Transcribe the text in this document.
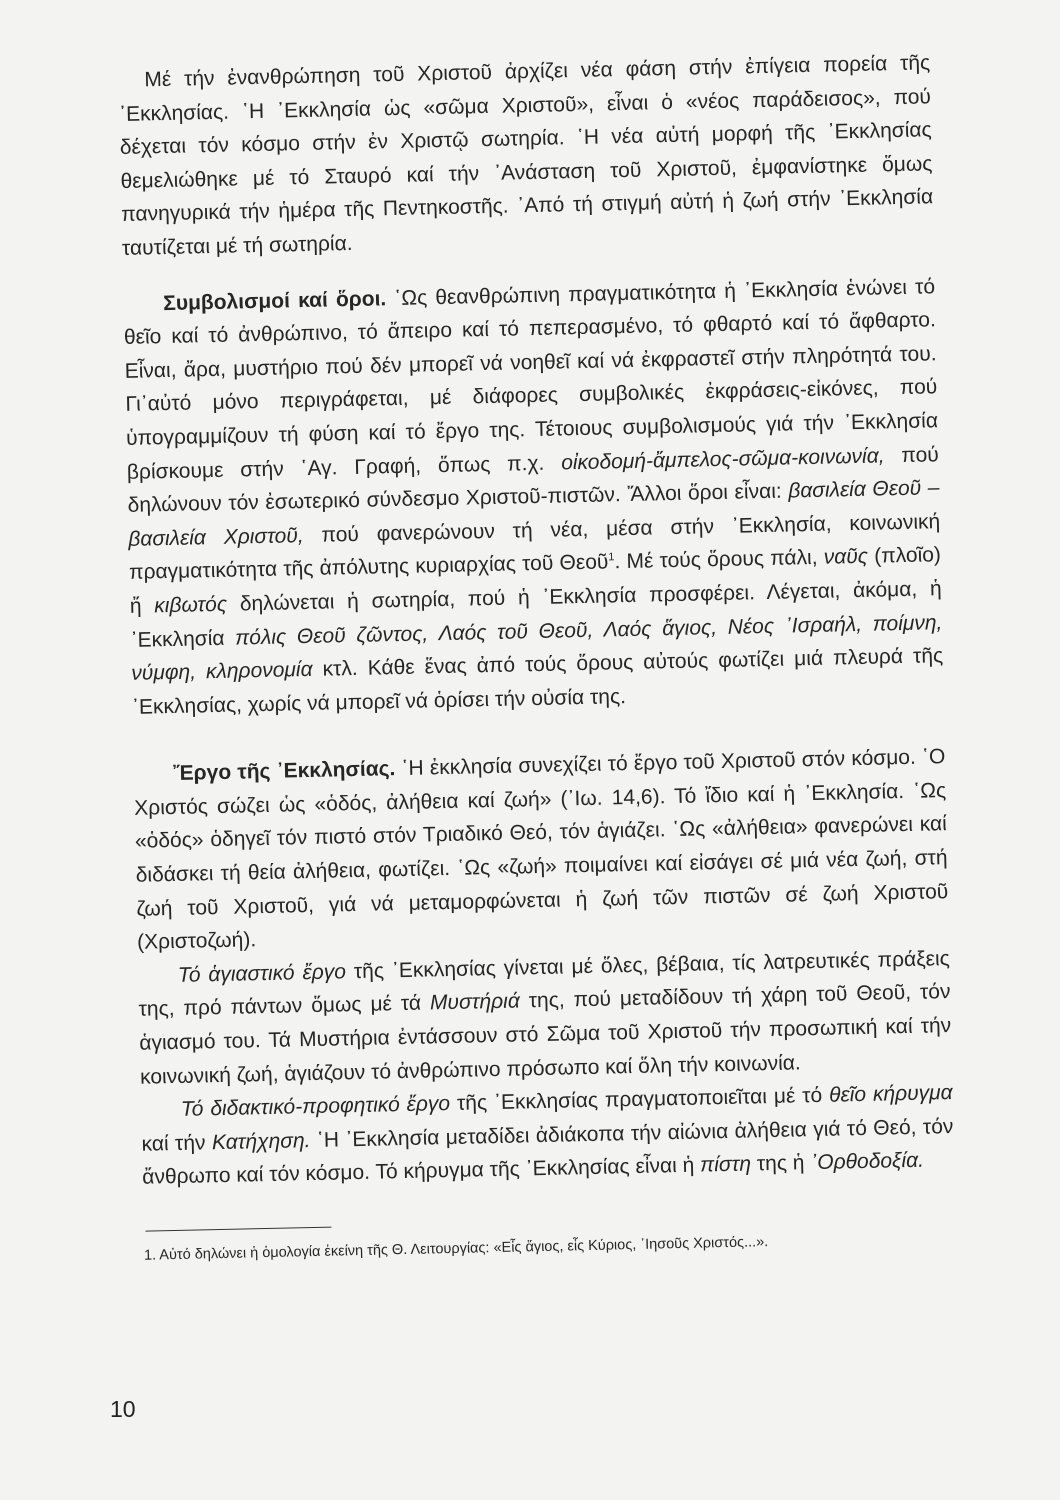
Μέ τήν ἐνανθρώπηση τοῦ Χριστοῦ ἀρχίζει νέα φάση στήν ἐπίγεια πορεία τῆς ᾿Εκκλησίας. ῾Η ᾿Εκκλησία ὡς «σῶμα Χριστοῦ», εἶναι ὁ «νέος παράδεισος», πού δέχεται τόν κόσμο στήν ἐν Χριστῷ σωτηρία. ῾Η νέα αὐτή μορφή τῆς ᾿Εκκλησίας θεμελιώθηκε μέ τό Σταυρό καί τήν ᾿Ανάσταση τοῦ Χριστοῦ, ἐμφανίστηκε ὅμως πανηγυρικά τήν ἡμέρα τῆς Πεντηκοστῆς. ᾿Από τή στιγμή αὐτή ἡ ζωή στήν ᾿Εκκλησία ταυτίζεται μέ τή σωτηρία.

Συμβολισμοί καί ὅροι. ῾Ως θεανθρώπινη πραγματικότητα ἡ ᾿Εκκλησία ἑνώνει τό θεῖο καί τό ἀνθρώπινο, τό ἄπειρο καί τό πεπερασμένο, τό φθαρτό καί τό ἄφθαρτο. Εἶναι, ἄρα, μυστήριο πού δέν μπορεῖ νά νοηθεῖ καί νά ἐκφραστεῖ στήν πληρότητά του. Γι᾿αὐτό μόνο περιγράφεται, μέ διάφορες συμβολικές ἐκφράσεις-εἰκόνες, πού ὑπογραμμίζουν τή φύση καί τό ἔργο της. Τέτοιους συμβολισμούς γιά τήν ᾿Εκκλησία βρίσκουμε στήν ῾Αγ. Γραφή, ὅπως π.χ. οἰκοδομή-ἄμπελος-σῶμα-κοινωνία, πού δηλώνουν τόν ἐσωτερικό σύνδεσμο Χριστοῦ-πιστῶν. Ἄλλοι ὅροι εἶναι: βασιλεία Θεοῦ – βασιλεία Χριστοῦ, πού φανερώνουν τή νέα, μέσα στήν ᾿Εκκλησία, κοινωνική πραγματικότητα τῆς ἀπόλυτης κυριαρχίας τοῦ Θεοῦ$^1$. Μέ τούς ὅρους πάλι, ναῦς (πλοῖο) ἤ κιβωτός δηλώνεται ἡ σωτηρία, πού ἡ ᾿Εκκλησία προσφέρει. Λέγεται, ἀκόμα, ἡ ᾿Εκκλησία πόλις Θεοῦ ζῶντος, Λαός τοῦ Θεοῦ, Λαός ἅγιος, Νέος ᾿Ισραήλ, ποίμνη, νύμφη, κληρονομία κτλ. Κάθε ἕνας ἀπό τούς ὅρους αὐτούς φωτίζει μιά πλευρά τῆς ᾿Εκκλησίας, χωρίς νά μπορεῖ νά ὁρίσει τήν οὐσία της.

Ἔργο τῆς ᾿Εκκλησίας. ῾Η ἐκκλησία συνεχίζει τό ἔργο τοῦ Χριστοῦ στόν κόσμο. ῾Ο Χριστός σώζει ὡς «ὁδός, ἀλήθεια καί ζωή» (᾿Ιω. 14,6). Τό ἴδιο καί ἡ ᾿Εκκλησία. ῾Ως «ὁδός» ὁδηγεῖ τόν πιστό στόν Τριαδικό Θεό, τόν ἁγιάζει. ῾Ως «ἀλήθεια» φανερώνει καί διδάσκει τή θεία ἀλήθεια, φωτίζει. ῾Ως «ζωή» ποιμαίνει καί εἰσάγει σέ μιά νέα ζωή, στή ζωή τοῦ Χριστοῦ, γιά νά μεταμορφώνεται ἡ ζωή τῶν πιστῶν σέ ζωή Χριστοῦ (Χριστοζωή).

Τό ἁγιαστικό ἔργο τῆς ᾿Εκκλησίας γίνεται μέ ὅλες, βέβαια, τίς λατρευτικές πράξεις της, πρό πάντων ὅμως μέ τά Μυστήριά της, πού μεταδίδουν τή χάρη τοῦ Θεοῦ, τόν ἁγιασμό του. Τά Μυστήρια ἐντάσσουν στό Σῶμα τοῦ Χριστοῦ τήν προσωπική καί τήν κοινωνική ζωή, ἁγιάζουν τό ἀνθρώπινο πρόσωπο καί ὅλη τήν κοινωνία.

Τό διδακτικό-προφητικό ἔργο τῆς ᾿Εκκλησίας πραγματοποιεῖται μέ τό θεῖο κήρυγμα καί τήν Κατήχηση. ῾Η ᾿Εκκλησία μεταδίδει ἀδιάκοπα τήν αἰώνια ἀλήθεια γιά τό Θεό, τόν ἄνθρωπο καί τόν κόσμο. Τό κήρυγμα τῆς ᾿Εκκλησίας εἶναι ἡ πίστη της ἡ ᾿Ορθοδοξία.

1. Αὐτό δηλώνει ἡ ὁμολογία ἐκείνη τῆς Θ. Λειτουργίας: «Εἷς ἅγιος, εἷς Κύριος, ᾿Ιησοῦς Χριστός...».

10
